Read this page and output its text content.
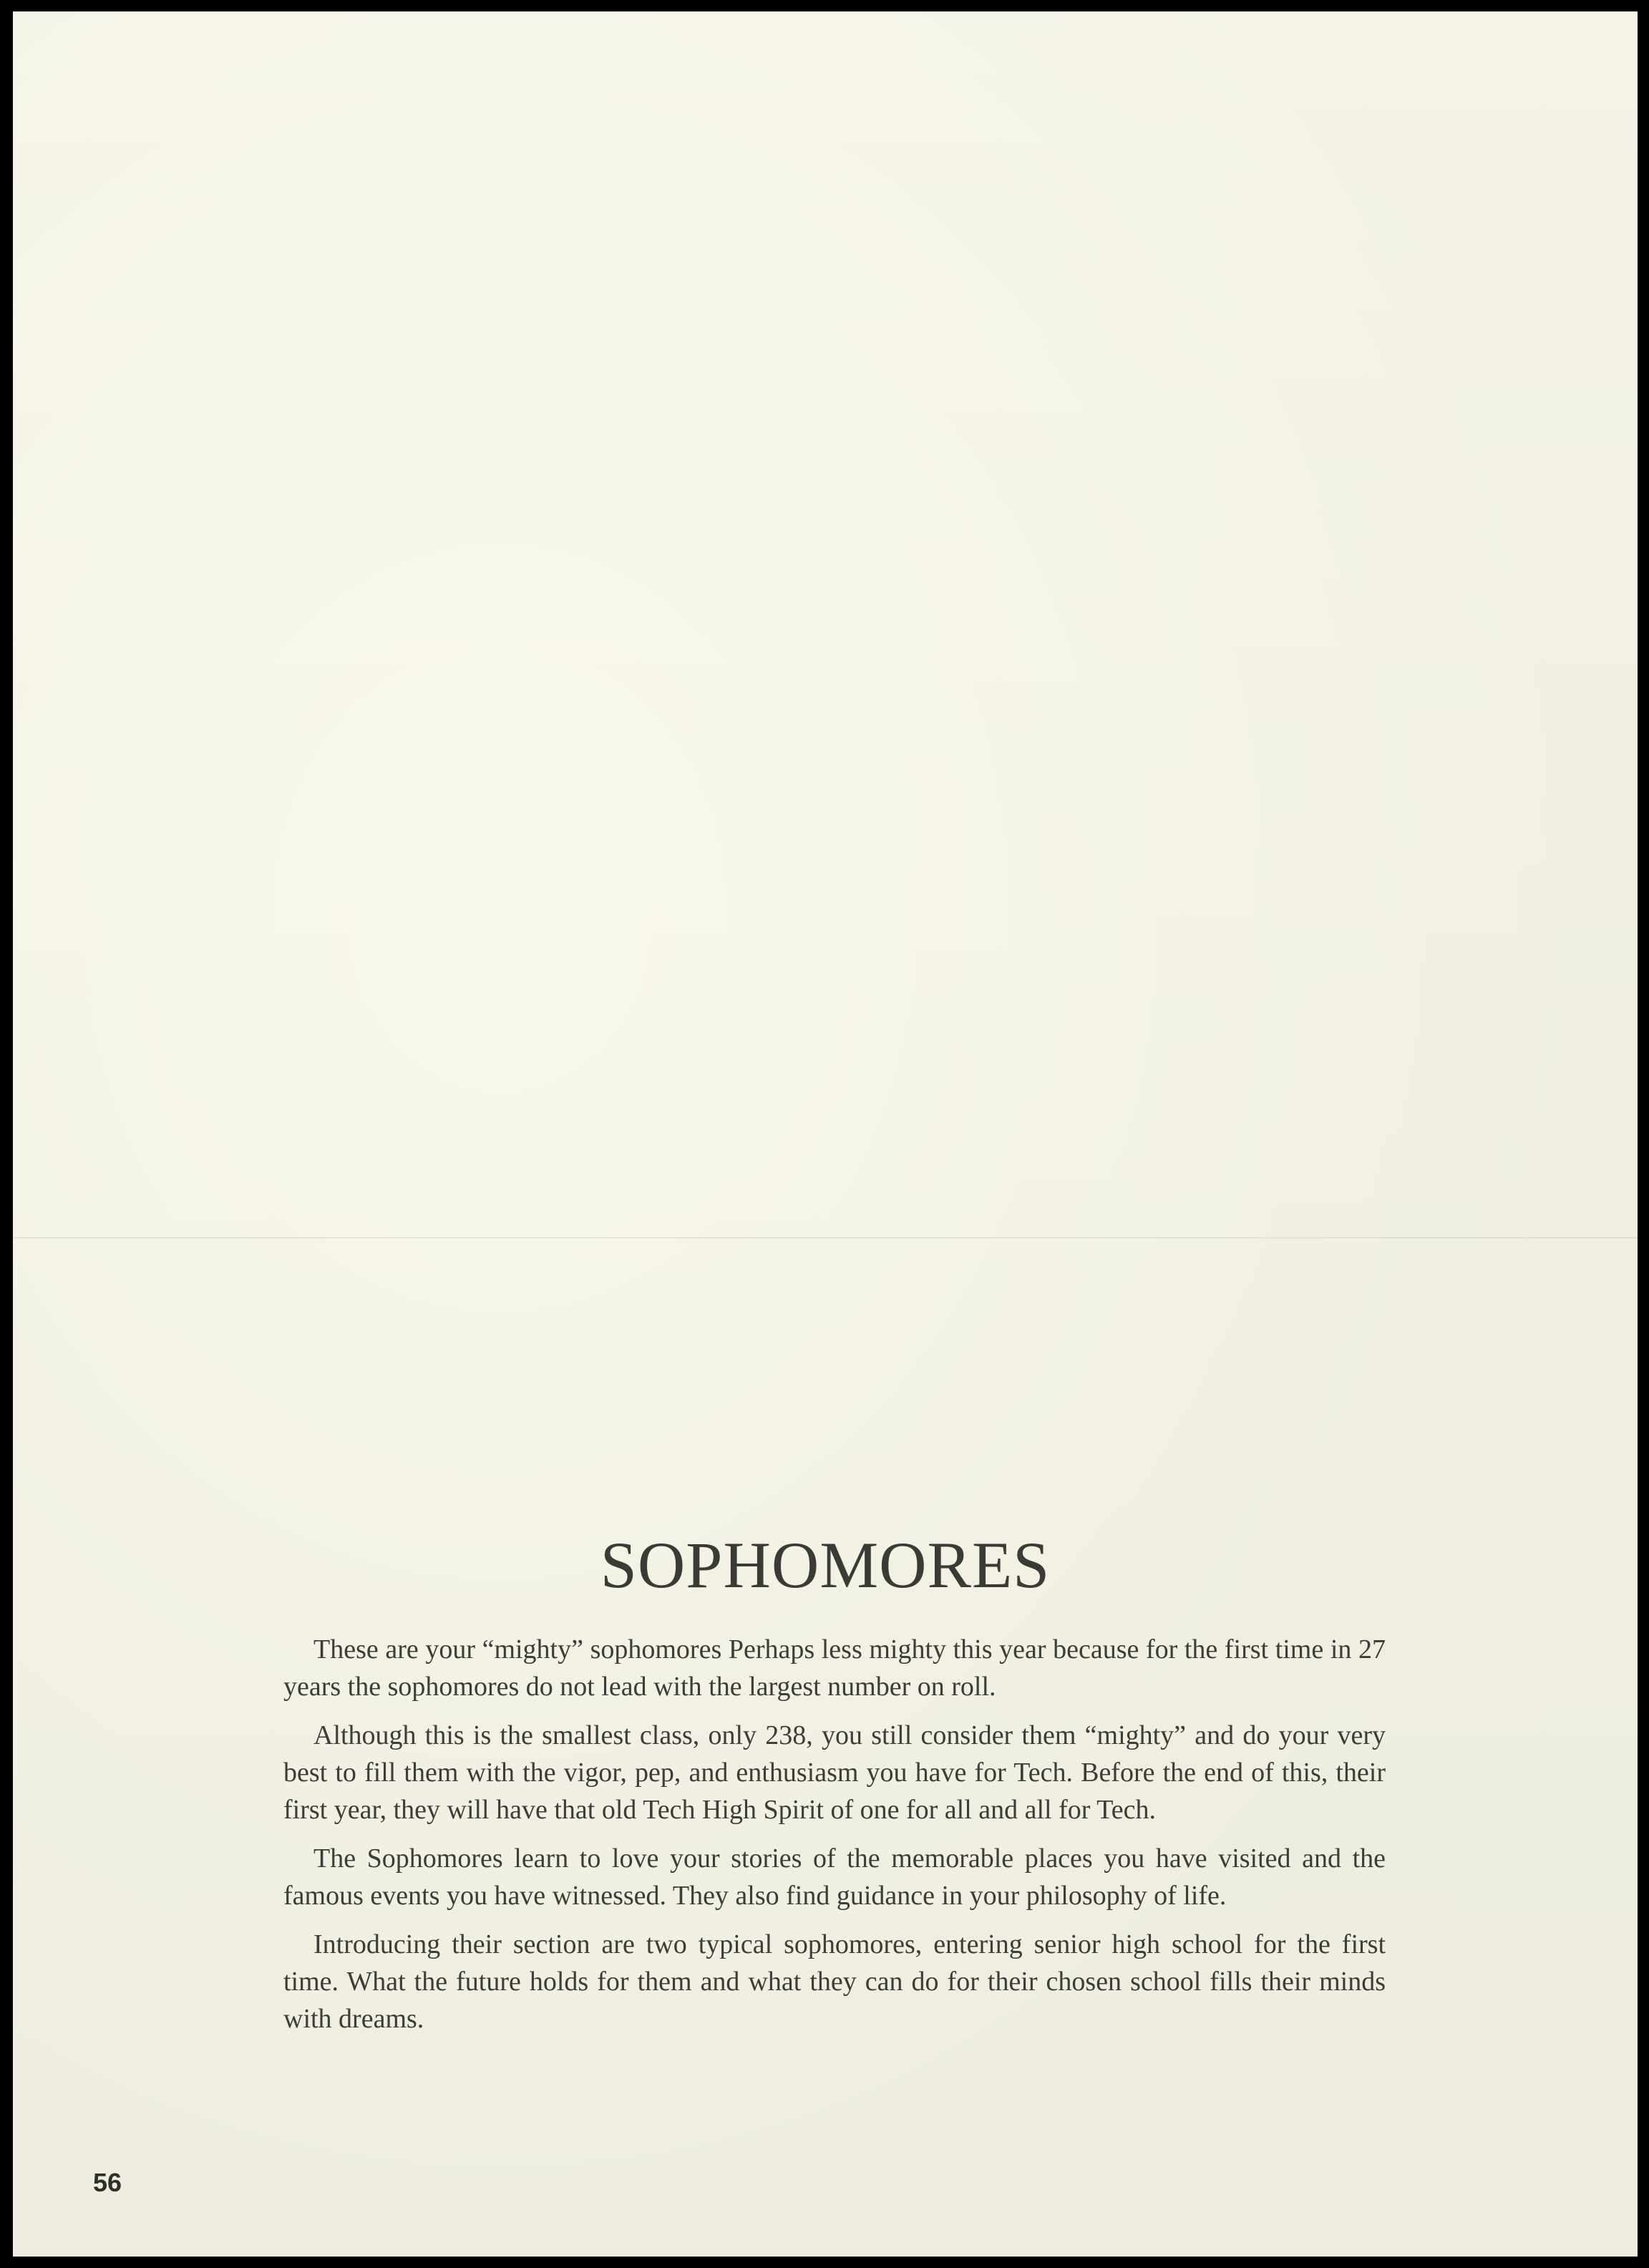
SOPHOMORES

These are your “mighty” sophomores Perhaps less mighty this year because for the first time in 27 years the sophomores do not lead with the largest number on roll.

Although this is the smallest class, only 238, you still consider them “mighty” and do your very best to fill them with the vigor, pep, and enthusiasm you have for Tech. Before the end of this, their first year, they will have that old Tech High Spirit of one for all and all for Tech.

The Sophomores learn to love your stories of the memorable places you have visited and the famous events you have witnessed. They also find guidance in your philosophy of life.

Introducing their section are two typical sophomores, entering senior high school for the first time. What the future holds for them and what they can do for their chosen school fills their minds with dreams.

56
